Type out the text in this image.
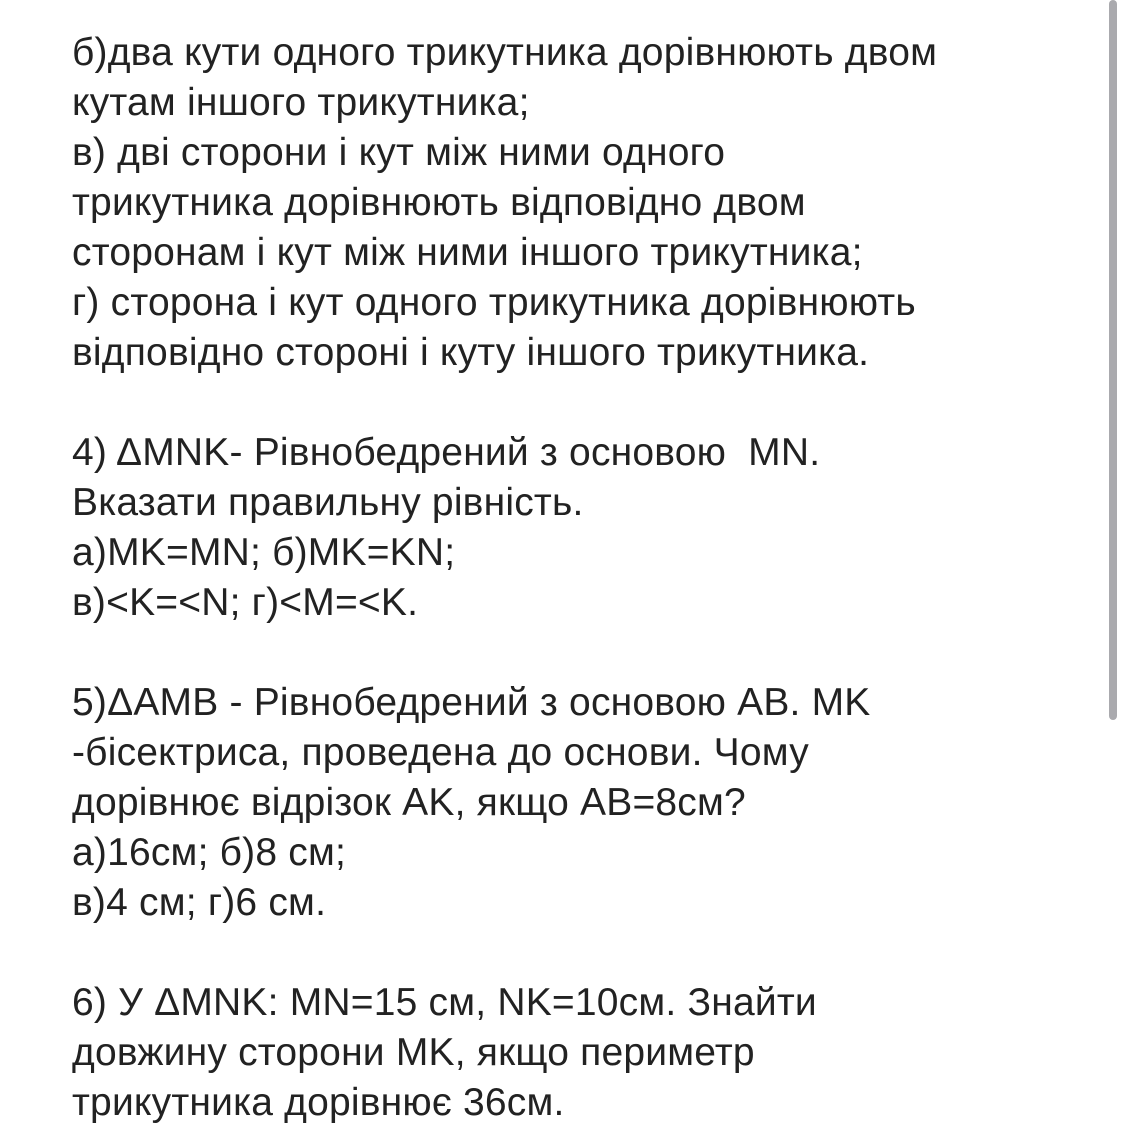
б)два кути одного трикутника дорівнюють двом
кутам іншого трикутника;
в) дві сторони і кут між ними одного
трикутника дорівнюють відповідно двом
сторонам і кут між ними іншого трикутника;
г) сторона і кут одного трикутника дорівнюють
відповідно стороні і куту іншого трикутника.
4) ΔMNK- Рівнобедрений з основою  MN.
Вказати правильну рівність.
а)MK=MN; б)MK=KN;
в)<K=<N; г)<M=<K.
5)ΔAMB - Рівнобедрений з основою AB. MK
-бісектриса, проведена до основи. Чому
дорівнює відрізок AK, якщо AB=8см?
а)16см; б)8 см;
в)4 см; г)6 см.
6) У ΔMNK: MN=15 см, NK=10см. Знайти
довжину сторони MK, якщо периметр
трикутника дорівнює 36см.
